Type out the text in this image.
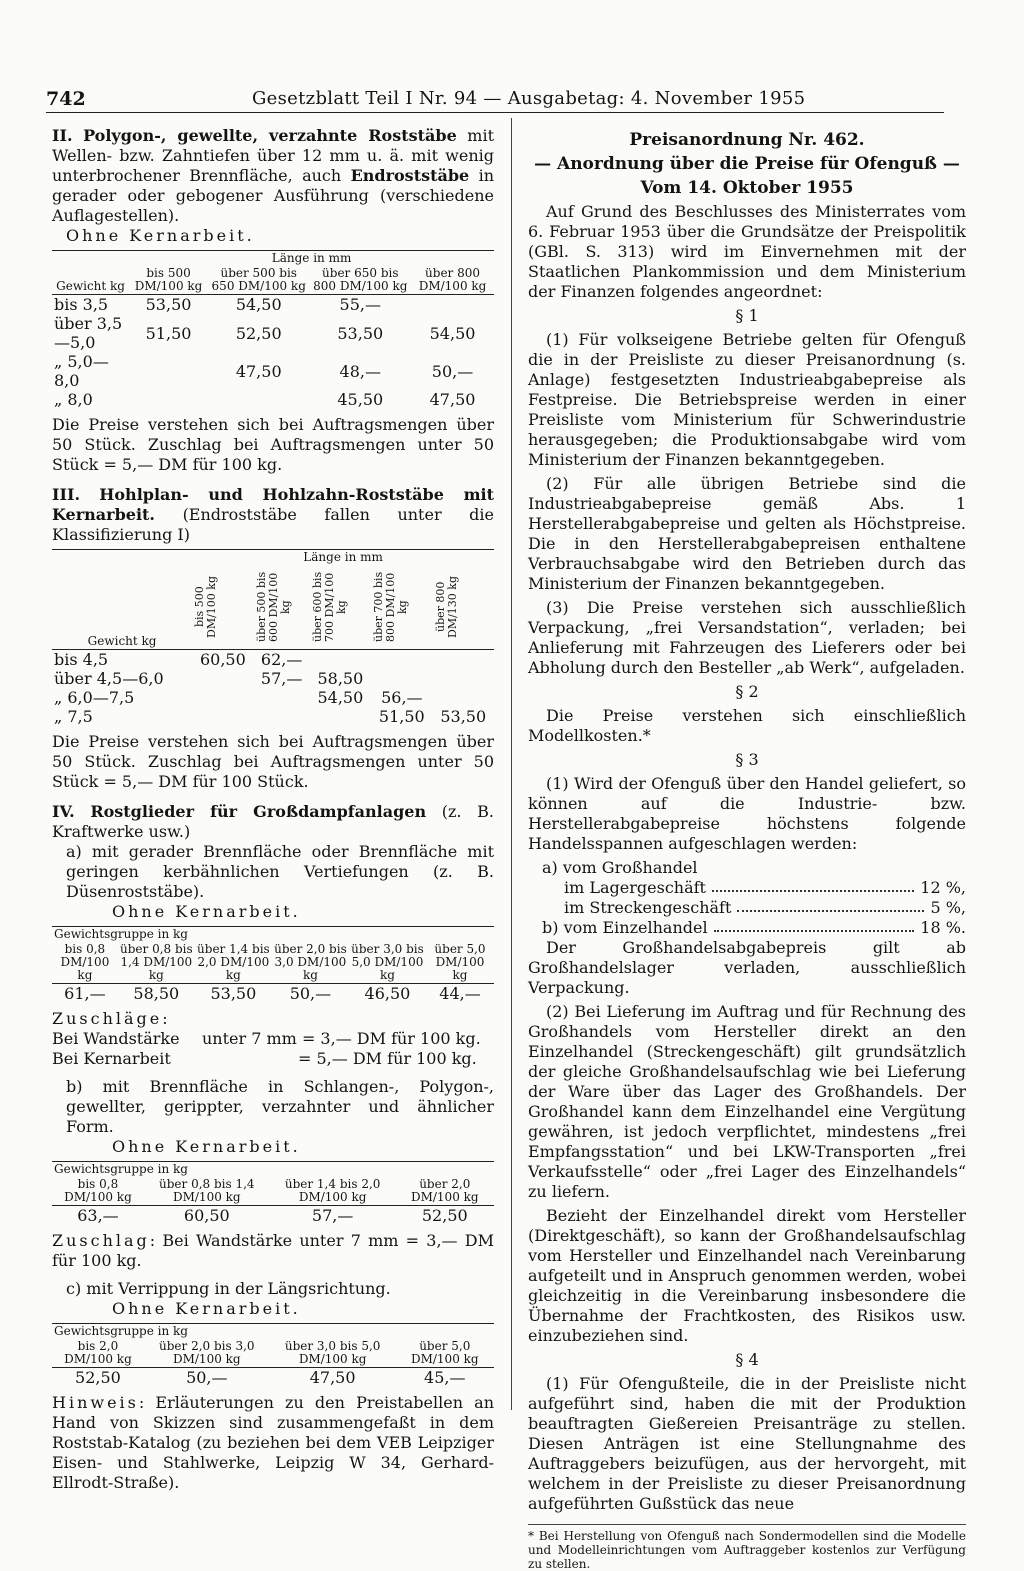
742	Gesetzblatt Teil I Nr. 94 — Ausgabetag: 4. November 1955

II. Polygon-, gewellte, verzahnte Roststäbe mit Wellen- bzw. Zahntiefen über 12 mm u. ä. mit wenig unterbrochener Brennfläche, auch Endroststäbe in gerader oder gebogener Ausführung (verschiedene Auflagestellen).

Ohne Kernarbeit.
Gewicht kg	Länge in mm			
	bis 500 DM/100 kg	über 500 bis 650 DM/100 kg	über 650 bis 800 DM/100 kg	über 800 DM/100 kg
bis 3,5	53,50	54,50	55,—	
über 3,5—5,0	51,50	52,50	53,50	54,50
„ 5,0—8,0		47,50	48,—	50,—
„ 8,0			45,50	47,50

Die Preise verstehen sich bei Auftragsmengen über 50 Stück. Zuschlag bei Auftragsmengen unter 50 Stück = 5,— DM für 100 kg.

III. Hohlplan- und Hohlzahn-Roststäbe mit Kernarbeit. (Endroststäbe fallen unter die Klassifizierung I)

Gewicht kg	Länge in mm				

	bis 500 DM/100 kg	über 500 bis 600 DM/100 kg	über 600 bis 700 DM/100 kg	über 700 bis 800 DM/100 kg	über 800 DM/130 kg

bis 4,5	60,50	62,—			
über 4,5—6,0		57,—	58,50		
„ 6,0—7,5			54,50	56,—	
„ 7,5				51,50	53,50

Die Preise verstehen sich bei Auftragsmengen über 50 Stück. Zuschlag bei Auftragsmengen unter 50 Stück = 5,— DM für 100 Stück.

IV. Rostglieder für Großdampfanlagen (z. B. Kraftwerke usw.)

a) mit gerader Brennfläche oder Brennfläche mit geringen kerbähnlichen Vertiefungen (z. B. Düsenroststäbe).

Ohne Kernarbeit.
Gewichtsgruppe in kg					
bis 0,8 DM/100 kg	über 0,8 bis 1,4 DM/100 kg	über 1,4 bis 2,0 DM/100 kg	über 2,0 bis 3,0 DM/100 kg	über 3,0 bis 5,0 DM/100 kg	über 5,0 DM/100 kg
61,—	58,50	53,50	50,—	46,50	44,—
Zuschläge:
Bei Wandstärke	unter 7 mm = 3,— DM für 100 kg.
Bei Kernarbeit	= 5,— DM für 100 kg.

b) mit Brennfläche in Schlangen-, Polygon-, gewellter, gerippter, verzahnter und ähnlicher Form.

Ohne Kernarbeit.
Gewichtsgruppe in kg			
bis 0,8 DM/100 kg	über 0,8 bis 1,4 DM/100 kg	über 1,4 bis 2,0 DM/100 kg	über 2,0 DM/100 kg
63,—	60,50	57,—	52,50

Zuschlag: Bei Wandstärke unter 7 mm = 3,— DM für 100 kg.

c) mit Verrippung in der Längsrichtung.

Ohne Kernarbeit.
Gewichtsgruppe in kg			
bis 2,0 DM/100 kg	über 2,0 bis 3,0 DM/100 kg	über 3,0 bis 5,0 DM/100 kg	über 5,0 DM/100 kg
52,50	50,—	47,50	45,—

Hinweis: Erläuterungen zu den Preistabellen an Hand von Skizzen sind zusammengefaßt in dem Roststab-Katalog (zu beziehen bei dem VEB Leipziger Eisen- und Stahlwerke, Leipzig W 34, Gerhard-Ellrodt-Straße).

Preisanordnung Nr. 462.
— Anordnung über die Preise für Ofenguß —
Vom 14. Oktober 1955

Auf Grund des Beschlusses des Ministerrates vom 6. Februar 1953 über die Grundsätze der Preispolitik (GBl. S. 313) wird im Einvernehmen mit der Staatlichen Plankommission und dem Ministerium der Finanzen folgendes angeordnet:

§ 1

(1) Für volkseigene Betriebe gelten für Ofenguß die in der Preisliste zu dieser Preisanordnung (s. Anlage) festgesetzten Industrieabgabepreise als Festpreise. Die Betriebspreise werden in einer Preisliste vom Ministerium für Schwerindustrie herausgegeben; die Produktionsabgabe wird vom Ministerium der Finanzen bekanntgegeben.

(2) Für alle übrigen Betriebe sind die Industrieabgabepreise gemäß Abs. 1 Herstellerabgabepreise und gelten als Höchstpreise. Die in den Herstellerabgabepreisen enthaltene Verbrauchsabgabe wird den Betrieben durch das Ministerium der Finanzen bekanntgegeben.

(3) Die Preise verstehen sich ausschließlich Verpackung, „frei Versandstation“, verladen; bei Anlieferung mit Fahrzeugen des Lieferers oder bei Abholung durch den Besteller „ab Werk“, aufgeladen.

§ 2

Die Preise verstehen sich einschließlich Modellkosten.*

§ 3

(1) Wird der Ofenguß über den Handel geliefert, so können auf die Industrie- bzw. Herstellerabgabepreise höchstens folgende Handelsspannen aufgeschlagen werden:

a) vom Großhandel
im Lagergeschäft	12 %,
im Streckengeschäft	5 %,
b) vom Einzelhandel	18 %.

Der Großhandelsabgabepreis gilt ab Großhandelslager verladen, ausschließlich Verpackung.

(2) Bei Lieferung im Auftrag und für Rechnung des Großhandels vom Hersteller direkt an den Einzelhandel (Streckengeschäft) gilt grundsätzlich der gleiche Großhandelsaufschlag wie bei Lieferung der Ware über das Lager des Großhandels. Der Großhandel kann dem Einzelhandel eine Vergütung gewähren, ist jedoch verpflichtet, mindestens „frei Empfangsstation“ und bei LKW-Transporten „frei Verkaufsstelle“ oder „frei Lager des Einzelhandels“ zu liefern.

Bezieht der Einzelhandel direkt vom Hersteller (Direktgeschäft), so kann der Großhandelsaufschlag vom Hersteller und Einzelhandel nach Vereinbarung aufgeteilt und in Anspruch genommen werden, wobei gleichzeitig in die Vereinbarung insbesondere die Übernahme der Frachtkosten, des Risikos usw. einzubeziehen sind.

§ 4

(1) Für Ofengußteile, die in der Preisliste nicht aufgeführt sind, haben die mit der Produktion beauftragten Gießereien Preisanträge zu stellen. Diesen Anträgen ist eine Stellungnahme des Auftraggebers beizufügen, aus der hervorgeht, mit welchem in der Preisliste zu dieser Preisanordnung aufgeführten Gußstück das neue

* Bei Herstellung von Ofenguß nach Sondermodellen sind die Modelle und Modelleinrichtungen vom Auftraggeber kostenlos zur Verfügung zu stellen.
